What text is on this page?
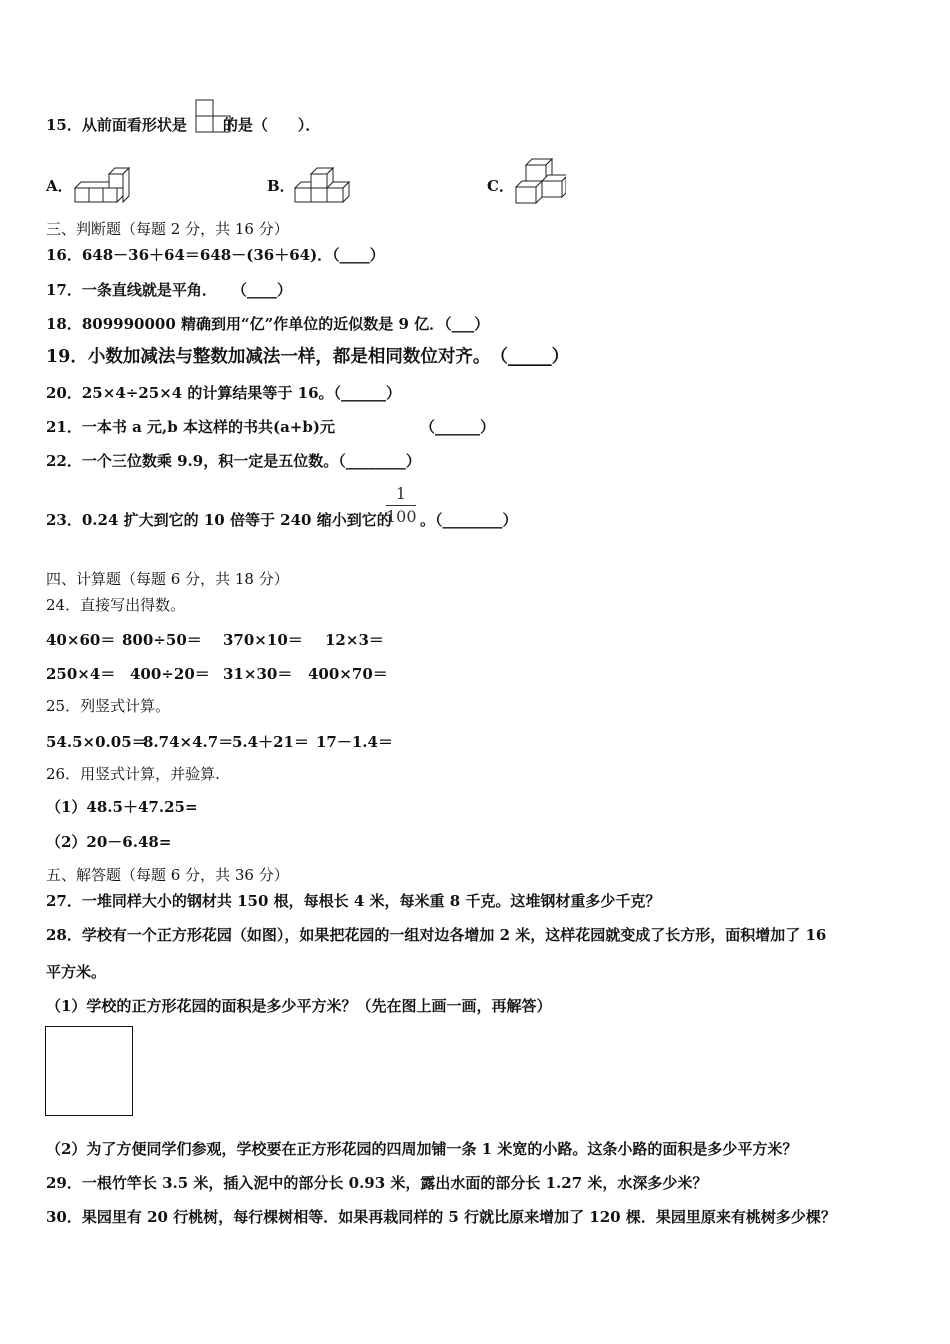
15．从前面看形状是 的是（　　）．
A．	B．	C．
三、判断题（每题 2 分，共 16 分）
16．648－36＋64＝648－(36＋64)．（____）
17．一条直线就是平角．　　（____）
18．809990000 精确到用“亿”作单位的近似数是 9 亿．（___）
19．小数加减法与整数加减法一样，都是相同数位对齐。　（_____）
20．25×4÷25×4 的计算结果等于 16。（______）
21．一本书 a 元,b 本这样的书共(a+b)元	（______）
22．一个三位数乘 9.9，积一定是五位数。（________）
23．0.24 扩大到它的 10 倍等于 240 缩小到它的
1
100 。（________）
四、计算题（每题 6 分，共 18 分）
24．直接写出得数。
40×60＝ 800÷50＝ 370×10＝ 12×3＝
250×4＝ 400÷20＝ 31×30＝ 400×70＝
25．列竖式计算。
54.5×0.05＝
8.74×4.7＝
5.4＋21＝ 17－1.4＝
26．用竖式计算，并验算.
（1）48.5＋47.25=
（2）20－6.48=
五、解答题（每题 6 分，共 36 分）
27．一堆同样大小的钢材共 150 根，每根长 4 米，每米重 8 千克。这堆钢材重多少千克？
28．学校有一个正方形花园（如图），如果把花园的一组对边各增加 2 米，这样花园就变成了长方形，面积增加了 16
平方米。
（1）学校的正方形花园的面积是多少平方米？（先在图上画一画，再解答）
（2）为了方便同学们参观，学校要在正方形花园的四周加铺一条 1 米宽的小路。这条小路的面积是多少平方米？
29．一根竹竿长 3.5 米，插入泥中的部分长 0.93 米，露出水面的部分长 1.27 米，水深多少米？
30．果园里有 20 行桃树，每行棵树相等．如果再栽同样的 5 行就比原来增加了 120 棵．果园里原来有桃树多少棵？
